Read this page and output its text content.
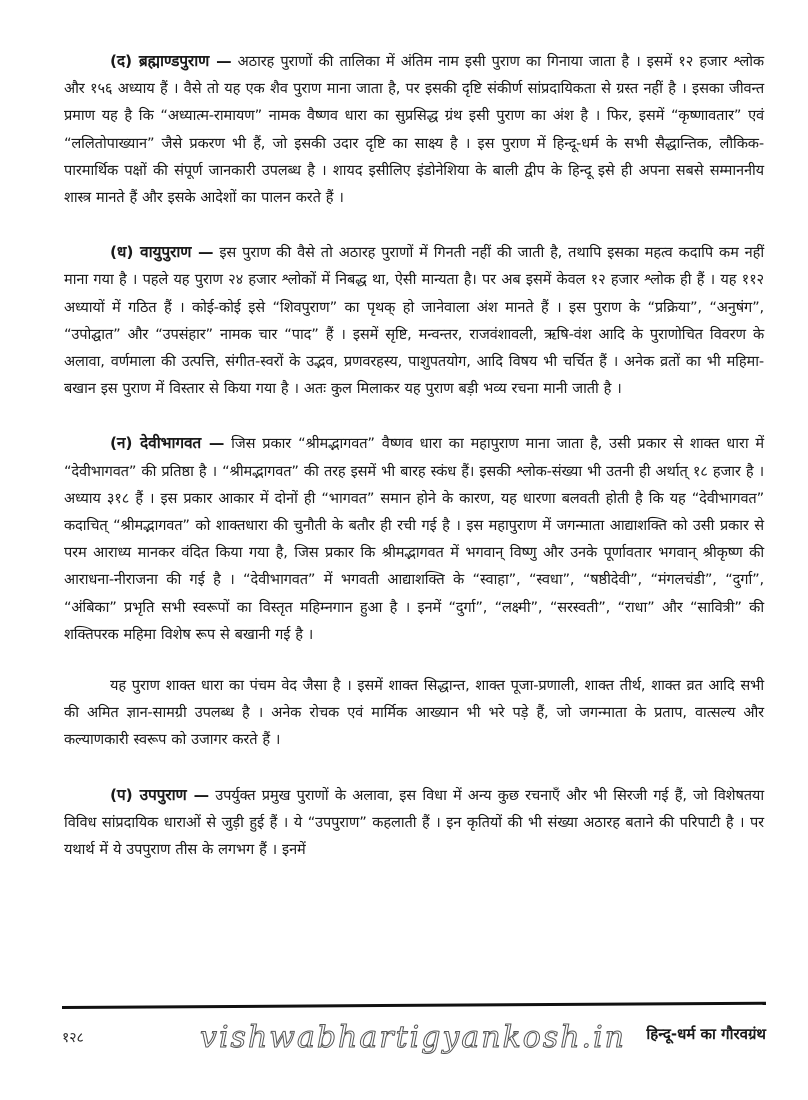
(द) ब्रह्माण्डपुराण — अठारह पुराणों की तालिका में अंतिम नाम इसी पुराण का गिनाया जाता है । इसमें १२ हजार श्लोक और १५६ अध्याय हैं । वैसे तो यह एक शैव पुराण माना जाता है, पर इसकी दृष्टि संकीर्ण सांप्रदायिकता से ग्रस्त नहीं है । इसका जीवन्त प्रमाण यह है कि “अध्यात्म-रामायण” नामक वैष्णव धारा का सुप्रसिद्ध ग्रंथ इसी पुराण का अंश है । फिर, इसमें “कृष्णावतार” एवं “ललितोपाख्यान” जैसे प्रकरण भी हैं, जो इसकी उदार दृष्टि का साक्ष्य है । इस पुराण में हिन्दू-धर्म के सभी सैद्धान्तिक, लौकिक-पारमार्थिक पक्षों की संपूर्ण जानकारी उपलब्ध है । शायद इसीलिए इंडोनेशिया के बाली द्वीप के हिन्दू इसे ही अपना सबसे सम्माननीय शास्त्र मानते हैं और इसके आदेशों का पालन करते हैं ।

(ध) वायुपुराण — इस पुराण की वैसे तो अठारह पुराणों में गिनती नहीं की जाती है, तथापि इसका महत्व कदापि कम नहीं माना गया है । पहले यह पुराण २४ हजार श्लोकों में निबद्ध था, ऐसी मान्यता है। पर अब इसमें केवल १२ हजार श्लोक ही हैं । यह ११२ अध्यायों में गठित हैं । कोई-कोई इसे “शिवपुराण” का पृथक् हो जानेवाला अंश मानते हैं । इस पुराण के “प्रक्रिया”, “अनुषंग”, “उपोद्घात” और “उपसंहार” नामक चार “पाद” हैं । इसमें सृष्टि, मन्वन्तर, राजवंशावली, ऋषि-वंश आदि के पुराणोचित विवरण के अलावा, वर्णमाला की उत्पत्ति, संगीत-स्वरों के उद्भव, प्रणवरहस्य, पाशुपतयोग, आदि विषय भी चर्चित हैं । अनेक व्रतों का भी महिमा-बखान इस पुराण में विस्तार से किया गया है । अतः कुल मिलाकर यह पुराण बड़ी भव्य रचना मानी जाती है ।

(न) देवीभागवत — जिस प्रकार “श्रीमद्भागवत” वैष्णव धारा का महापुराण माना जाता है, उसी प्रकार से शाक्त धारा में “देवीभागवत” की प्रतिष्ठा है । “श्रीमद्भागवत” की तरह इसमें भी बारह स्कंध हैं। इसकी श्लोक-संख्या भी उतनी ही अर्थात् १८ हजार है । अध्याय ३१८ हैं । इस प्रकार आकार में दोनों ही “भागवत” समान होने के कारण, यह धारणा बलवती होती है कि यह “देवीभागवत” कदाचित् “श्रीमद्भागवत” को शाक्तधारा की चुनौती के बतौर ही रची गई है । इस महापुराण में जगन्माता आद्याशक्ति को उसी प्रकार से परम आराध्य मानकर वंदित किया गया है, जिस प्रकार कि श्रीमद्भागवत में भगवान् विष्णु और उनके पूर्णावतार भगवान् श्रीकृष्ण की आराधना-नीराजना की गई है । “देवीभागवत” में भगवती आद्याशक्ति के “स्वाहा”, “स्वधा”, “षष्ठीदेवी”, “मंगलचंडी”, “दुर्गा”, “अंबिका” प्रभृति सभी स्वरूपों का विस्तृत महिम्नगान हुआ है । इनमें “दुर्गा”, “लक्ष्मी”, “सरस्वती”, “राधा” और “सावित्री” की शक्तिपरक महिमा विशेष रूप से बखानी गई है ।

यह पुराण शाक्त धारा का पंचम वेद जैसा है । इसमें शाक्त सिद्धान्त, शाक्त पूजा-प्रणाली, शाक्त तीर्थ, शाक्त व्रत आदि सभी की अमित ज्ञान-सामग्री उपलब्ध है । अनेक रोचक एवं मार्मिक आख्यान भी भरे पड़े हैं, जो जगन्माता के प्रताप, वात्सल्य और कल्याणकारी स्वरूप को उजागर करते हैं ।

(प) उपपुराण — उपर्युक्त प्रमुख पुराणों के अलावा, इस विधा में अन्य कुछ रचनाएँ और भी सिरजी गई हैं, जो विशेषतया विविध सांप्रदायिक धाराओं से जुड़ी हुई हैं । ये “उपपुराण” कहलाती हैं । इन कृतियों की भी संख्या अठारह बताने की परिपाटी है । पर यथार्थ में ये उपपुराण तीस के लगभग हैं । इनमें

१२८	vishwabhartigyankosh.in हिन्दू-धर्म का गौरवग्रंथ
